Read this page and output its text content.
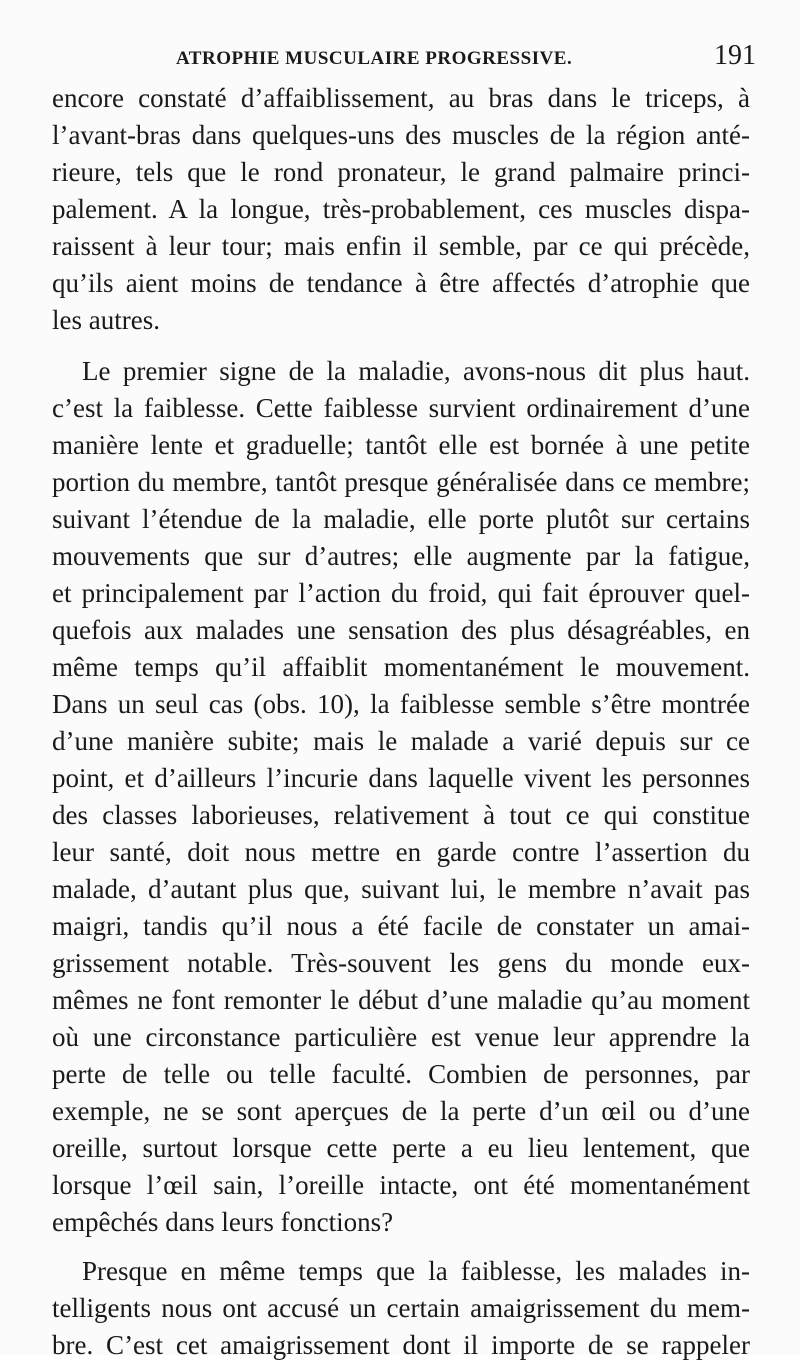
ATROPHIE MUSCULAIRE PROGRESSIVE.	191
encore constaté d’affaiblissement, au bras dans le triceps, à
l’avant-bras dans quelques-uns des muscles de la région anté-
rieure, tels que le rond pronateur, le grand palmaire princi-
palement. A la longue, très-probablement, ces muscles dispa-
raissent à leur tour; mais enfin il semble, par ce qui précède,
qu’ils aient moins de tendance à être affectés d’atrophie que
les autres.
Le premier signe de la maladie, avons-nous dit plus haut.
c’est la faiblesse. Cette faiblesse survient ordinairement d’une
manière lente et graduelle; tantôt elle est bornée à une petite
portion du membre, tantôt presque généralisée dans ce membre;
suivant l’étendue de la maladie, elle porte plutôt sur certains
mouvements que sur d’autres; elle augmente par la fatigue,
et principalement par l’action du froid, qui fait éprouver quel-
quefois aux malades une sensation des plus désagréables, en
même temps qu’il affaiblit momentanément le mouvement.
Dans un seul cas (obs. 10), la faiblesse semble s’être montrée
d’une manière subite; mais le malade a varié depuis sur ce
point, et d’ailleurs l’incurie dans laquelle vivent les personnes
des classes laborieuses, relativement à tout ce qui constitue
leur santé, doit nous mettre en garde contre l’assertion du
malade, d’autant plus que, suivant lui, le membre n’avait pas
maigri, tandis qu’il nous a été facile de constater un amai-
grissement notable. Très-souvent les gens du monde eux-
mêmes ne font remonter le début d’une maladie qu’au moment
où une circonstance particulière est venue leur apprendre la
perte de telle ou telle faculté. Combien de personnes, par
exemple, ne se sont aperçues de la perte d’un œil ou d’une
oreille, surtout lorsque cette perte a eu lieu lentement, que
lorsque l’œil sain, l’oreille intacte, ont été momentanément
empêchés dans leurs fonctions?
Presque en même temps que la faiblesse, les malades in-
telligents nous ont accusé un certain amaigrissement du mem-
bre. C’est cet amaigrissement dont il importe de se rappeler
